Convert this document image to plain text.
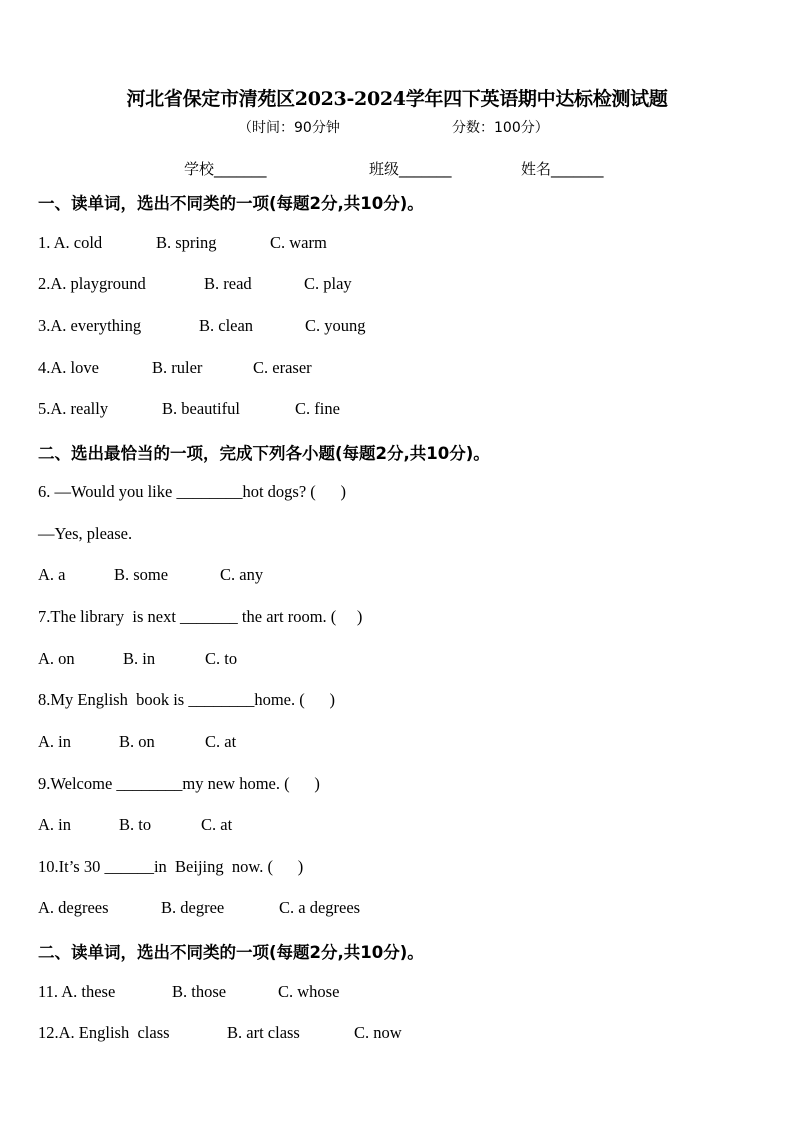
河北省保定市清苑区2023-2024学年四下英语期中达标检测试题
（时间：90分钟	分数：100分）
学校_______	班级_______	姓名_______
一、读单词，选出不同类的一项(每题2分,共10分)。

1. A. cold

	B. spring

	C. warm

2.A. playground

	B. read

	C. play

3.A. everything

	B. clean

	C. young

4.A. love

	B. ruler

	C. eraser

5.A. really

	B. beautiful

	C. fine

二、选出最恰当的一项，完成下列各小题(每题2分,共10分)。
6. —Would you like ________hot dogs? (      )
—Yes, please.

A. a

	B. some

	C. any

7.The library  is next _______ the art room. (     )

A. on

	B. in

	C. to

8.My English  book is ________home. (      )

A. in

	B. on

	C. at

9.Welcome ________my new home. (      )

A. in

	B. to

	C. at

10.It’s 30 ______in  Beijing  now. (      )

A. degrees

	B. degree

	C. a degrees

二、读单词，选出不同类的一项(每题2分,共10分)。

11. A. these

	B. those

	C. whose

12.A. English  class

	B. art class

	C. now
